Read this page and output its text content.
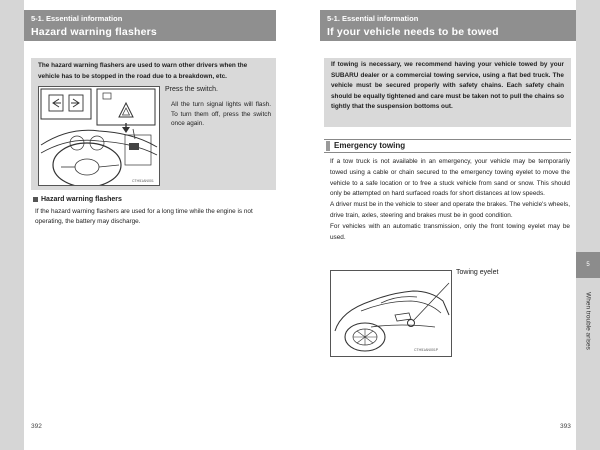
5
When trouble arises
5-1. Essential information
Hazard warning flashers
The hazard warning flashers are used to warn other drivers when the vehicle has to be stopped in the road due to a breakdown, etc.
CTH51AN001
Press the switch.
All the turn signal lights will flash. To turn them off, press the switch once again.
Hazard warning flashers
If the hazard warning flashers are used for a long time while the engine is not operating, the battery may discharge.
392
5-1. Essential information
If your vehicle needs to be towed
If towing is necessary, we recommend having your vehicle towed by your SUBARU dealer or a commercial towing service, using a flat bed truck. The vehicle must be secured properly with safety chains. Each safety chain should be equally tightened and care must be taken not to pull the chains so tightly that the suspension bottoms out.
Emergency towing
If a tow truck is not available in an emergency, your vehicle may be temporarily towed using a cable or chain secured to the emergency towing eyelet to move the vehicle to a safe location or to free a stuck vehicle from sand or snow. This should only be attempted on hard surfaced roads for short distances at low speeds.
A driver must be in the vehicle to steer and operate the brakes. The vehicle's wheels, drive train, axles, steering and brakes must be in good condition.
For vehicles with an automatic transmission, only the front towing eyelet may be used.
CTH51AN001P
Towing eyelet
393
